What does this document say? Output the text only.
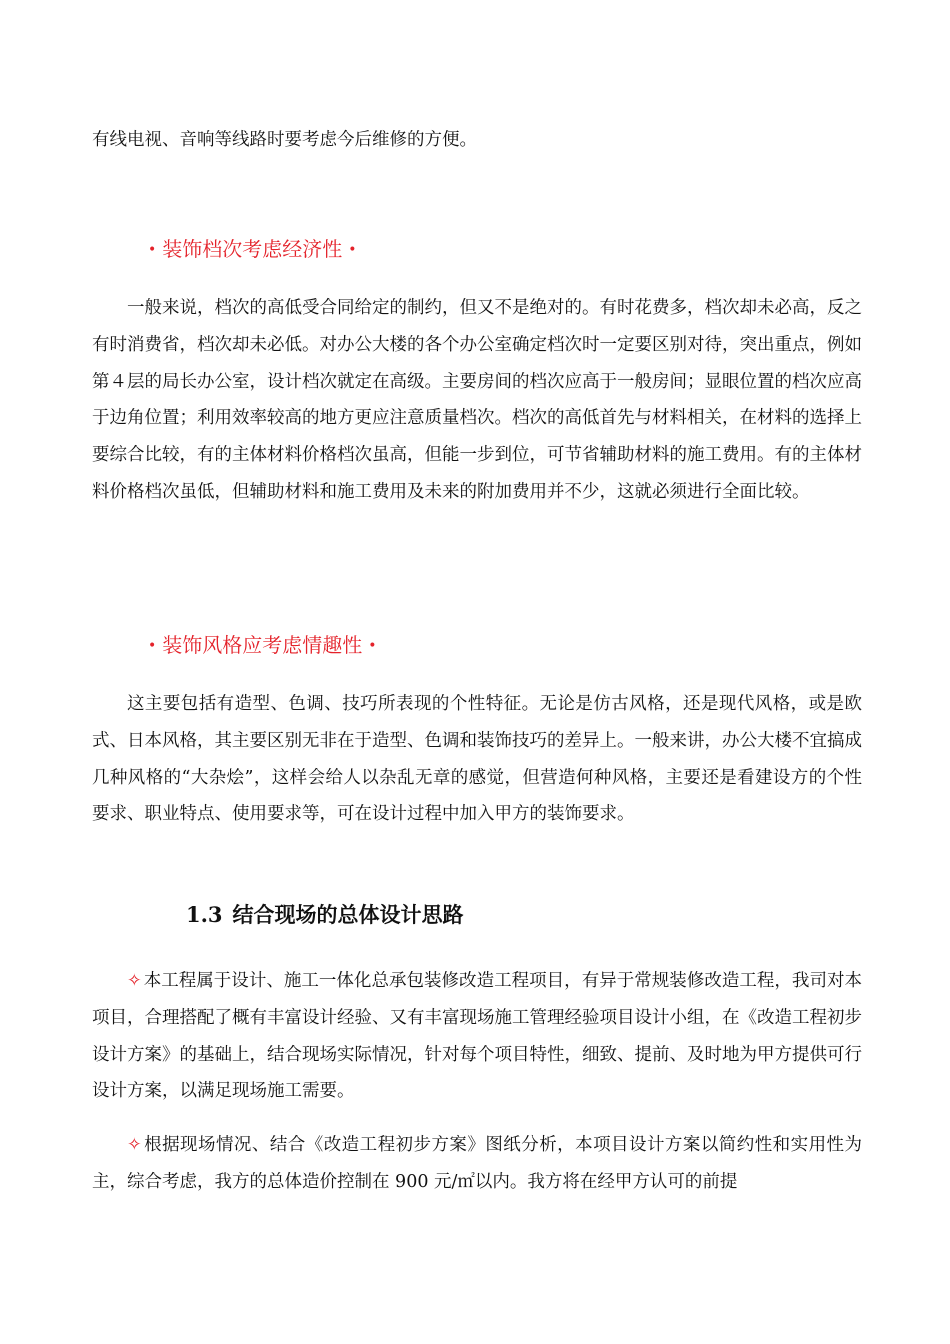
有线电视、音响等线路时要考虑今后维修的方便。

• 装饰档次考虑经济性 •

一般来说，档次的高低受合同给定的制约，但又不是绝对的。有时花费多，档次却未必高，反之有时消费省，档次却未必低。对办公大楼的各个办公室确定档次时一定要区别对待，突出重点，例如第４层的局长办公室，设计档次就定在高级。主要房间的档次应高于一般房间；显眼位置的档次应高于边角位置；利用效率较高的地方更应注意质量档次。档次的高低首先与材料相关，在材料的选择上要综合比较，有的主体材料价格档次虽高，但能一步到位，可节省辅助材料的施工费用。有的主体材料价格档次虽低，但辅助材料和施工费用及未来的附加费用并不少，这就必须进行全面比较。

• 装饰风格应考虑情趣性 •

这主要包括有造型、色调、技巧所表现的个性特征。无论是仿古风格，还是现代风格，或是欧式、日本风格，其主要区别无非在于造型、色调和装饰技巧的差异上。一般来讲，办公大楼不宜搞成几种风格的“大杂烩”，这样会给人以杂乱无章的感觉，但营造何种风格，主要还是看建设方的个性要求、职业特点、使用要求等，可在设计过程中加入甲方的装饰要求。

1.3 结合现场的总体设计思路

✧ 本工程属于设计、施工一体化总承包装修改造工程项目，有异于常规装修改造工程，我司对本项目，合理搭配了概有丰富设计经验、又有丰富现场施工管理经验项目设计小组，在《改造工程初步设计方案》的基础上，结合现场实际情况，针对每个项目特性，细致、提前、及时地为甲方提供可行设计方案，以满足现场施工需要。

✧ 根据现场情况、结合《改造工程初步方案》图纸分析，本项目设计方案以简约性和实用性为主，综合考虑，我方的总体造价控制在 900 元/㎡以内。我方将在经甲方认可的前提
